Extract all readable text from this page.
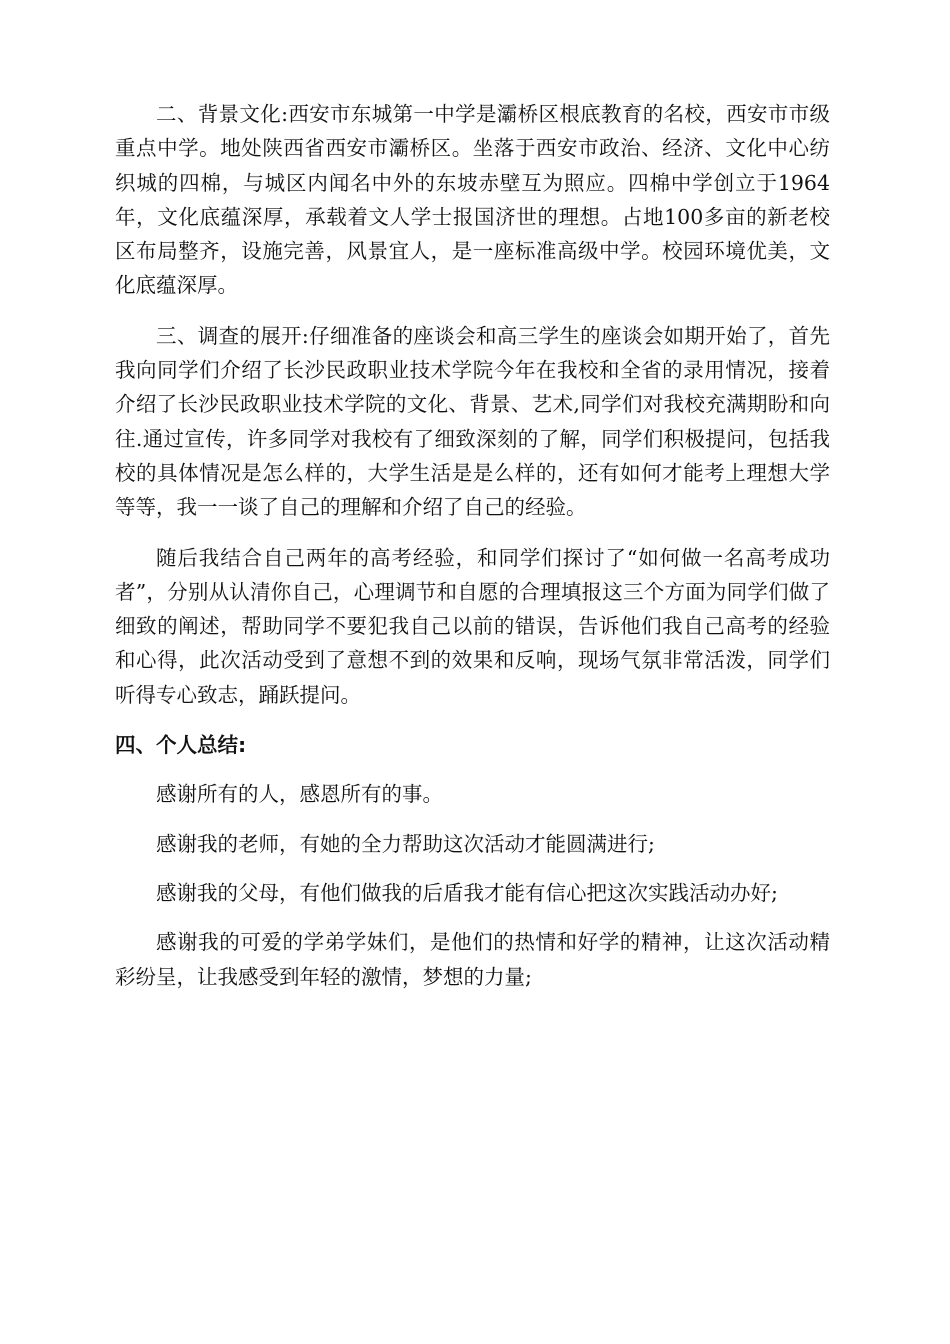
二、背景文化:西安市东城第一中学是灞桥区根底教育的名校，西安市市级重点中学。地处陕西省西安市灞桥区。坐落于西安市政治、经济、文化中心纺织城的四棉，与城区内闻名中外的东坡赤壁互为照应。四棉中学创立于1964年，文化底蕴深厚，承载着文人学士报国济世的理想。占地100多亩的新老校区布局整齐，设施完善，风景宜人，是一座标准高级中学。校园环境优美，文化底蕴深厚。

三、调查的展开:仔细准备的座谈会和高三学生的座谈会如期开始了，首先我向同学们介绍了长沙民政职业技术学院今年在我校和全省的录用情况，接着介绍了长沙民政职业技术学院的文化、背景、艺术,同学们对我校充满期盼和向往.通过宣传，许多同学对我校有了细致深刻的了解，同学们积极提问，包括我校的具体情况是怎么样的，大学生活是是么样的，还有如何才能考上理想大学等等，我一一谈了自己的理解和介绍了自己的经验。

随后我结合自己两年的高考经验，和同学们探讨了“如何做一名高考成功者”，分别从认清你自己，心理调节和自愿的合理填报这三个方面为同学们做了细致的阐述，帮助同学不要犯我自己以前的错误，告诉他们我自己高考的经验和心得，此次活动受到了意想不到的效果和反响，现场气氛非常活泼，同学们听得专心致志，踊跃提问。

四、个人总结:

感谢所有的人，感恩所有的事。

感谢我的老师，有她的全力帮助这次活动才能圆满进行;

感谢我的父母，有他们做我的后盾我才能有信心把这次实践活动办好;

感谢我的可爱的学弟学妹们，是他们的热情和好学的精神，让这次活动精彩纷呈，让我感受到年轻的激情，梦想的力量;
